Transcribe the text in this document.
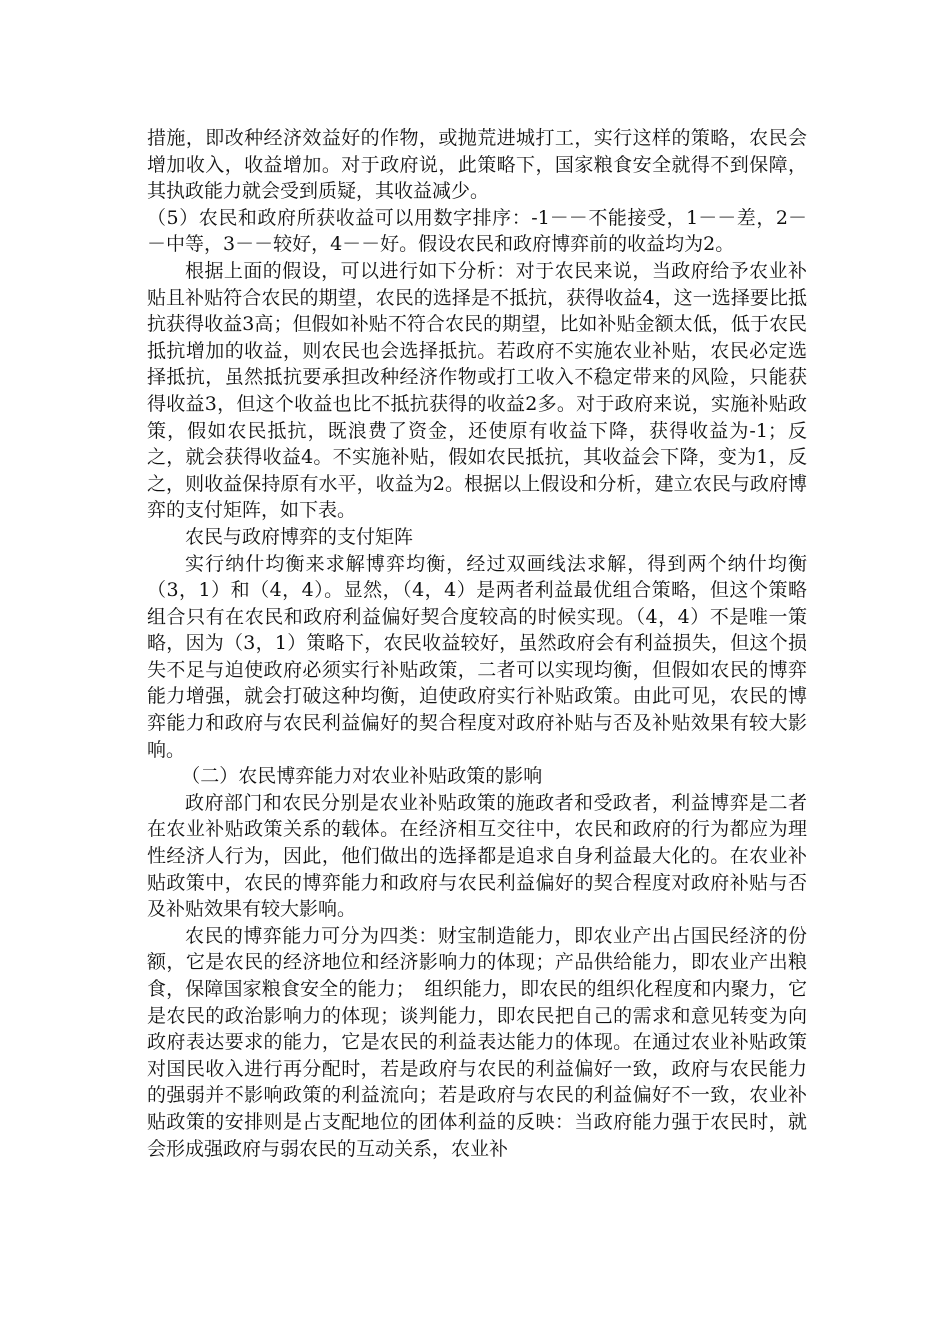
措施，即改种经济效益好的作物，或抛荒进城打工，实行这样的策略，农民会增加收入，收益增加。对于政府说，此策略下，国家粮食安全就得不到保障，其执政能力就会受到质疑，其收益减少。

（5）农民和政府所获收益可以用数字排序：-1－－不能接受，1－－差，2－－中等，3－－较好，4－－好。假设农民和政府博弈前的收益均为2。

根据上面的假设，可以进行如下分析：对于农民来说，当政府给予农业补贴且补贴符合农民的期望，农民的选择是不抵抗，获得收益4，这一选择要比抵抗获得收益3高；但假如补贴不符合农民的期望，比如补贴金额太低，低于农民抵抗增加的收益，则农民也会选择抵抗。若政府不实施农业补贴，农民必定选择抵抗，虽然抵抗要承担改种经济作物或打工收入不稳定带来的风险，只能获得收益3，但这个收益也比不抵抗获得的收益2多。对于政府来说，实施补贴政策，假如农民抵抗，既浪费了资金，还使原有收益下降，获得收益为-1；反之，就会获得收益4。不实施补贴，假如农民抵抗，其收益会下降，变为1，反之，则收益保持原有水平，收益为2。根据以上假设和分析，建立农民与政府博弈的支付矩阵，如下表。

农民与政府博弈的支付矩阵

实行纳什均衡来求解博弈均衡，经过双画线法求解，得到两个纳什均衡（3，1）和（4，4）。显然，（4，4）是两者利益最优组合策略，但这个策略组合只有在农民和政府利益偏好契合度较高的时候实现。（4，4）不是唯一策略，因为（3，1）策略下，农民收益较好，虽然政府会有利益损失，但这个损失不足与迫使政府必须实行补贴政策，二者可以实现均衡，但假如农民的博弈能力增强，就会打破这种均衡，迫使政府实行补贴政策。由此可见，农民的博弈能力和政府与农民利益偏好的契合程度对政府补贴与否及补贴效果有较大影响。

（二）农民博弈能力对农业补贴政策的影响

政府部门和农民分别是农业补贴政策的施政者和受政者，利益博弈是二者在农业补贴政策关系的载体。在经济相互交往中，农民和政府的行为都应为理性经济人行为，因此，他们做出的选择都是追求自身利益最大化的。在农业补贴政策中，农民的博弈能力和政府与农民利益偏好的契合程度对政府补贴与否及补贴效果有较大影响。

农民的博弈能力可分为四类：财宝制造能力，即农业产出占国民经济的份额，它是农民的经济地位和经济影响力的体现；产品供给能力，即农业产出粮食，保障国家粮食安全的能力；　组织能力，即农民的组织化程度和内聚力，它是农民的政治影响力的体现；谈判能力，即农民把自己的需求和意见转变为向政府表达要求的能力，它是农民的利益表达能力的体现。在通过农业补贴政策对国民收入进行再分配时，若是政府与农民的利益偏好一致，政府与农民能力的强弱并不影响政策的利益流向；若是政府与农民的利益偏好不一致，农业补贴政策的安排则是占支配地位的团体利益的反映：当政府能力强于农民时，就会形成强政府与弱农民的互动关系，农业补
